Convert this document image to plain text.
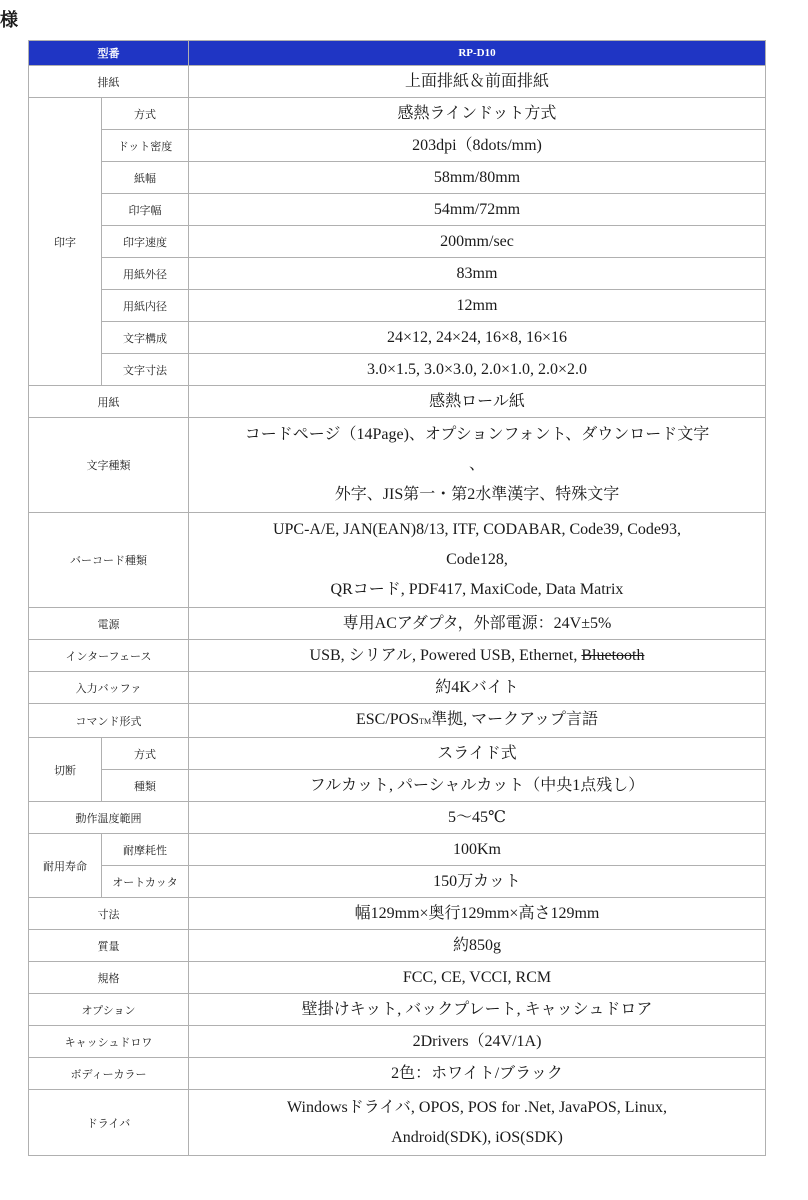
様
型番		RP-D10
排紙		上面排紙＆前面排紙
印字	方式	感熱ラインドット方式
	ドット密度	203dpi（8dots/mm)
	紙幅	58mm/80mm
	印字幅	54mm/72mm
	印字速度	200mm/sec
	用紙外径	83mm
	用紙内径	12mm
	文字構成	24×12, 24×24, 16×8, 16×16
	文字寸法	3.0×1.5, 3.0×3.0, 2.0×1.0, 2.0×2.0
用紙		感熱ロール紙
文字種類		コードページ（14Page)、オプションフォント、ダウンロード文字
、
外字、JIS第一・第2水準漢字、特殊文字

バーコード種類		UPC-A/E, JAN(EAN)8/13, ITF, CODABAR, Code39, Code93,
Code128,
QRコード, PDF417, MaxiCode, Data Matrix

電源		専用ACアダプタ，外部電源：24V±5%
インターフェース		USB, シリアル, Powered USB, Ethernet, Bluetooth
入力バッファ		約4Kバイト
コマンド形式		ESC/POSTM準拠, マークアップ言語
切断	方式	スライド式
	種類	フルカット, パーシャルカット（中央1点残し）
動作温度範囲		5〜45℃
耐用寿命	耐摩耗性	100Km
	オートカッタ	150万カット
寸法		幅129mm×奥行129mm×高さ129mm
質量		約850g
規格		FCC, CE, VCCI, RCM
オプション		壁掛けキット, バックプレート, キャッシュドロア
キャッシュドロワ		2Drivers（24V/1A)
ボディーカラー		2色：ホワイト/ブラック
ドライバ		Windowsドライバ, OPOS, POS for .Net, JavaPOS, Linux,
Android(SDK), iOS(SDK)
